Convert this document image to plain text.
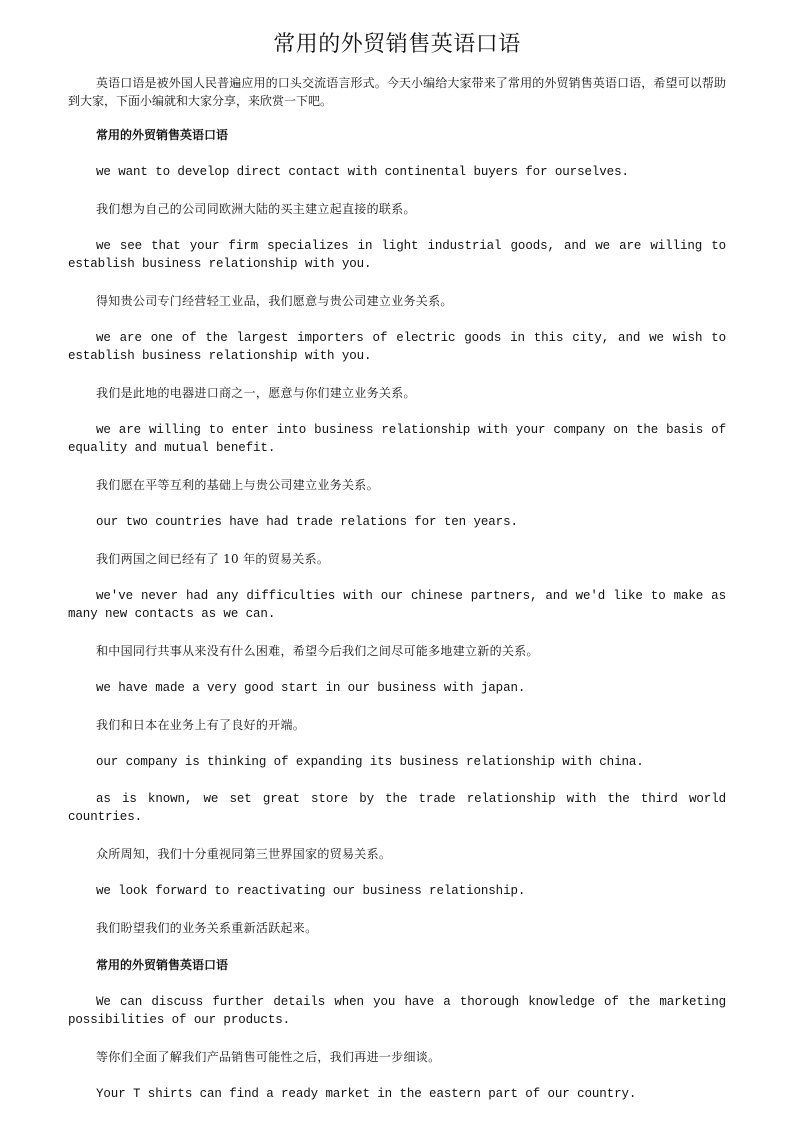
常用的外贸销售英语口语

英语口语是被外国人民普遍应用的口头交流语言形式。今天小编给大家带来了常用的外贸销售英语口语，希望可以帮助到大家，下面小编就和大家分享，来欣赏一下吧。

常用的外贸销售英语口语

we want to develop direct contact with continental buyers for ourselves.

我们想为自己的公司同欧洲大陆的买主建立起直接的联系。

we see that your firm specializes in light industrial goods, and we are willing to establish business relationship with you.

得知贵公司专门经营轻工业品，我们愿意与贵公司建立业务关系。

we are one of the largest importers of electric goods in this city, and we wish to establish business relationship with you.

我们是此地的电器进口商之一，愿意与你们建立业务关系。

we are willing to enter into business relationship with your company on the basis of equality and mutual benefit.

我们愿在平等互利的基础上与贵公司建立业务关系。

our two countries have had trade relations for ten years.

我们两国之间已经有了 10 年的贸易关系。

we've never had any difficulties with our chinese partners, and we'd like to make as many new contacts as we can.

和中国同行共事从来没有什么困难，希望今后我们之间尽可能多地建立新的关系。

we have made a very good start in our business with japan.

我们和日本在业务上有了良好的开端。

our company is thinking of expanding its business relationship with china.

as is known, we set great store by the trade relationship with the third world countries.

众所周知，我们十分重视同第三世界国家的贸易关系。

we look forward to reactivating our business relationship.

我们盼望我们的业务关系重新活跃起来。

常用的外贸销售英语口语

We can discuss further details when you have a thorough knowledge of the marketing possibilities of our products.

等你们全面了解我们产品销售可能性之后，我们再进一步细谈。

Your T shirts can find a ready market in the eastern part of our country.
